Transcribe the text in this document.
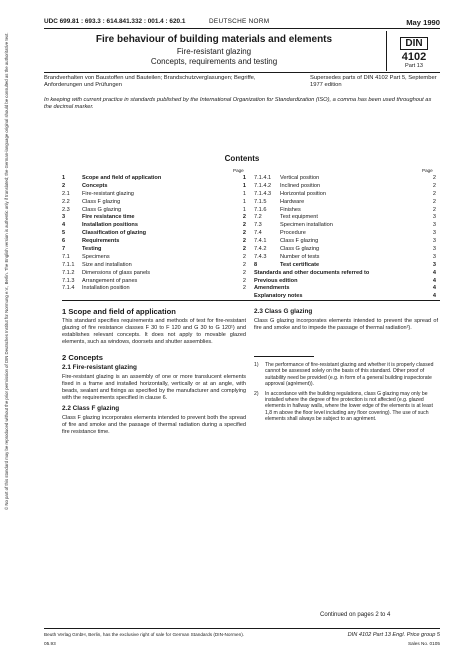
© No part of this standard may be reproduced without the prior permission of DIN Deutsches Institut für Normung e.V., Berlin. The English version is authentic only if translated; the German-language original should be consulted as the authoritative text.
UDC 699.81 : 693.3 : 614.841.332 : 001.4 : 620.1	DEUTSCHE NORM	May 1990
Fire behaviour of building materials and elements
Fire-resistant glazing
Concepts, requirements and testing
DIN
4102
Part 13
Brandverhalten von Baustoffen und Bauteilen; Brandschutzverglasungen; Begriffe, Anforderungen und Prüfungen
Supersedes parts of DIN 4102 Part 5, September 1977 edition
In keeping with current practice in standards published by the International Organization for Standardization (ISO), a comma has been used throughout as the decimal marker.
Contents
Page	Page
1	Scope and field of application	1
2	Concepts	1
2.1 Fire-resistant glazing	1
2.2 Class F glazing	1
2.3 Class G glazing	1
3	Fire resistance time	2
4	Installation positions	2
5	Classification of glazing	2
6	Requirements	2
7	Testing	2
7.1 Specimens	2
7.1.1 Size and installation	2
7.1.2 Dimensions of glass panels	2
7.1.3 Arrangement of panes	2
7.1.4 Installation position	2
7.1.4.1 Vertical position	2
7.1.4.2 Inclined position	2
7.1.4.3 Horizontal position	2
7.1.5 Hardware	2
7.1.6 Finishes	2
7.2	Test equipment	3
7.3	Specimen installation	3
7.4	Procedure	3
7.4.1 Class F glazing	3
7.4.2 Class G glazing	3
7.4.3 Number of tests	3
8	Test certificate	3
Standards and other documents referred to	4
Previous edition	4
Amendments	4
Explanatory notes	4

1 Scope and field of application

This standard specifies requirements and methods of test for fire-resistant glazing of fire resistance classes F 30 to F 120 and G 30 to G 120¹) and establishes relevant concepts. It does not apply to movable glazed elements, such as windows, doorsets and shutter assemblies.

2 Concepts

2.1 Fire-resistant glazing

Fire-resistant glazing is an assembly of one or more translucent elements fixed in a frame and installed horizontally, vertically or at an angle, with beads, sealant and fixings as specified by the manufacturer and complying with the requirements specified in clause 6.

2.2 Class F glazing

Class F glazing incorporates elements intended to prevent both the spread of fire and smoke and the passage of thermal radiation during a specified fire resistance time.

2.3 Class G glazing

Class G glazing incorporates elements intended to prevent the spread of fire and smoke and to impede the passage of thermal radiation²).

1) The performance of fire-resistant glazing and whether it is properly classed cannot be assessed solely on the basis of this standard. Other proof of suitability need be provided (e.g. in form of a general building inspectorate approval (agrément)).
2) In accordance with the building regulations, class G glazing may only be installed where the degree of fire protection is not affected (e.g. glazed elements in hallway walls, where the lower edge of the elements is at least 1,8 m above the floor level including any floor covering). The use of such elements shall always be subject to an agrément.
Continued on pages 2 to 4
Beuth Verlag GmbH, Berlin, has the exclusive right of sale for German Standards (DIN-Normen).
05.93
DIN 4102 Part 13 Engl. Price group 5
Sales No. 0105
